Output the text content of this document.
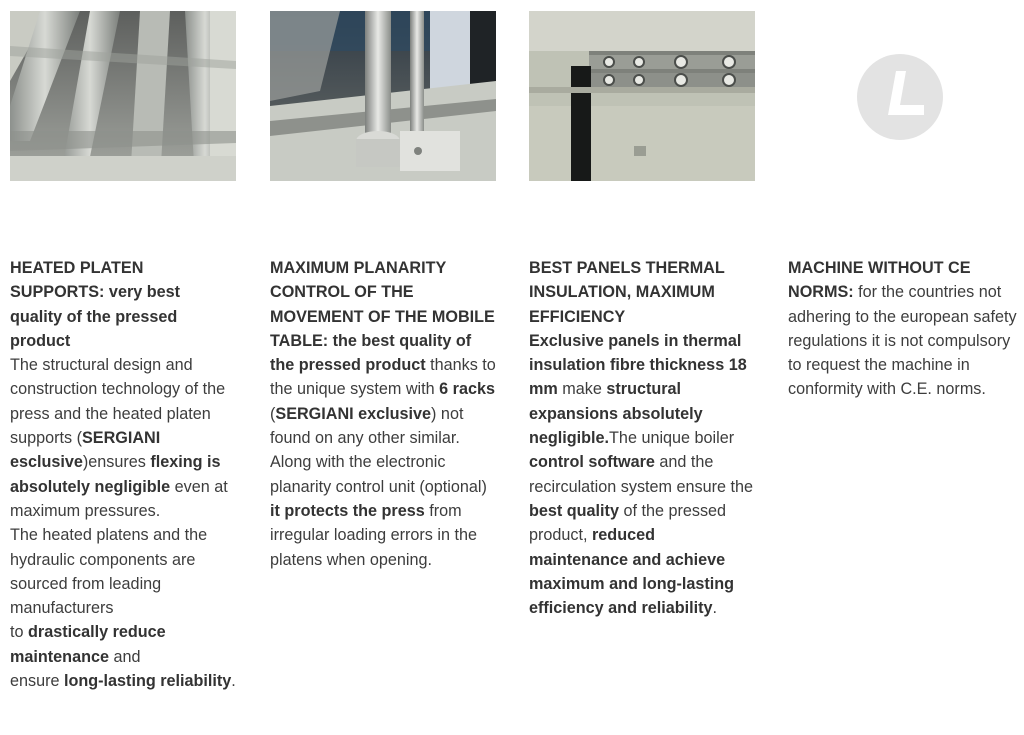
HEATED PLATEN SUPPORTS: very best quality of the pressed product
The structural design and construction technology of the press and the heated platen supports (SERGIANI esclusive)ensures flexing is absolutely negligible even at maximum pressures.
The heated platens and the hydraulic components are sourced from leading manufacturers
to drastically reduce maintenance and
ensure long-lasting reliability.
MAXIMUM PLANARITY CONTROL OF THE MOVEMENT OF THE MOBILE TABLE: the best quality of the pressed product thanks to the unique system with 6 racks (SERGIANI exclusive) not found on any other similar. Along with the electronic planarity control unit (optional) it protects the press from irregular loading errors in the platens when opening.
BEST PANELS THERMAL INSULATION, MAXIMUM EFFICIENCY
Exclusive panels in thermal insulation fibre thickness 18
mm make structural expansions absolutely negligible.The unique boiler control software and the recirculation system ensure the best quality of the pressed
product, reduced maintenance and achieve maximum and long-lasting efficiency and reliability.
MACHINE WITHOUT CE NORMS: for the countries not adhering to the european safety regulations it is not compulsory to request the machine in conformity with C.E. norms.
